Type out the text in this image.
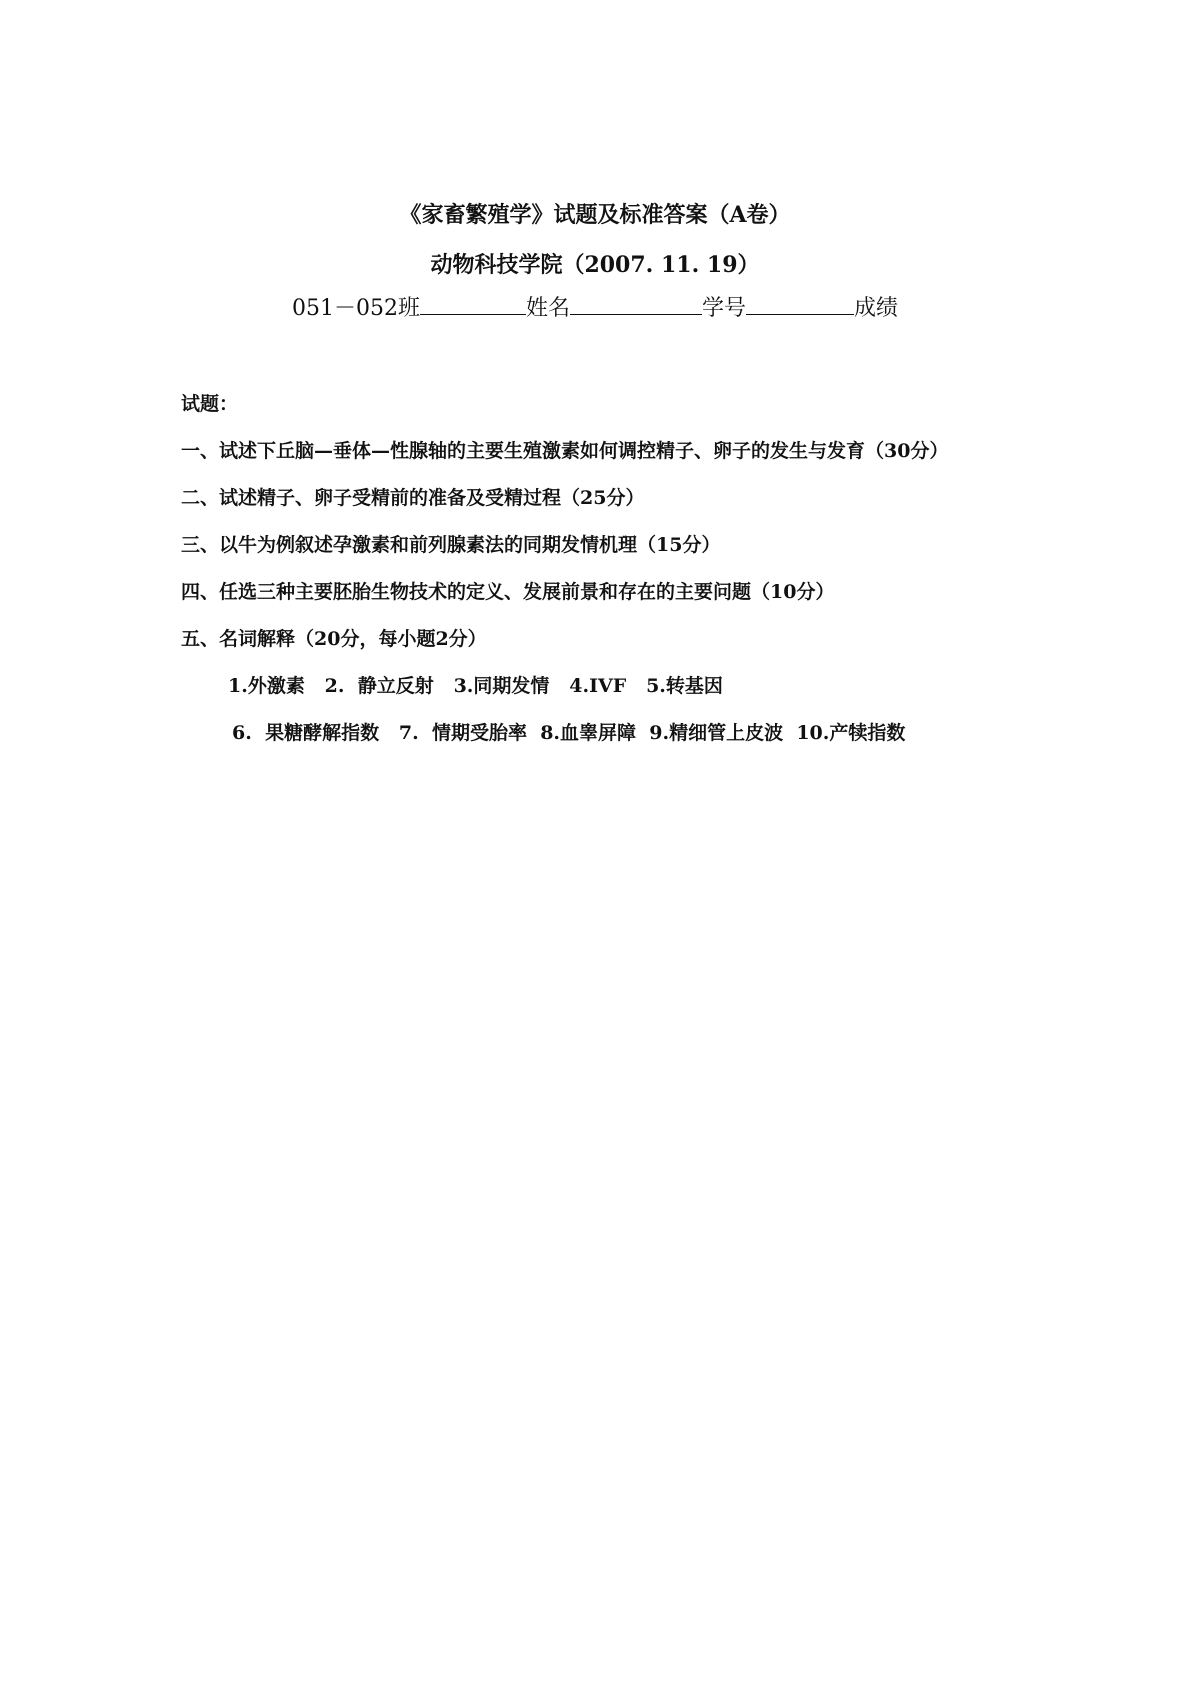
《家畜繁殖学》试题及标准答案（A卷）
动物科技学院（2007. 11. 19）
051－052班	姓名	学号	成绩
试题：
一、试述下丘脑—垂体—性腺轴的主要生殖激素如何调控精子、卵子的发生与发育（30分）
二、试述精子、卵子受精前的准备及受精过程（25分）
三、以牛为例叙述孕激素和前列腺素法的同期发情机理（15分）
四、任选三种主要胚胎生物技术的定义、发展前景和存在的主要问题（10分）
五、名词解释（20分，每小题2分）
1.外激素   2.  静立反射   3.同期发情   4.IVF   5.转基因
6.  果糖酵解指数   7.  情期受胎率  8.血睾屏障  9.精细管上皮波  10.产犊指数
